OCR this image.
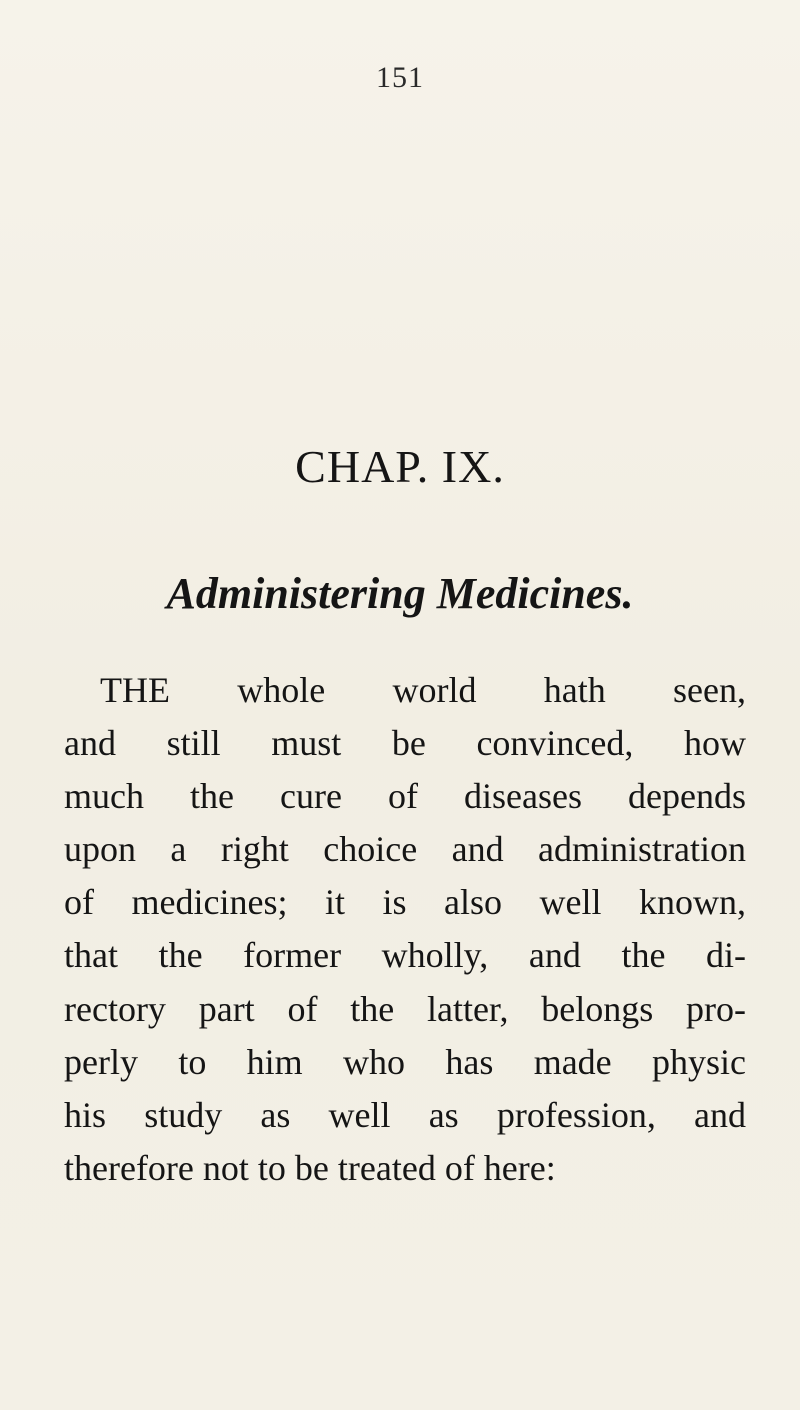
151
CHAP. IX.
Administering Medicines.
THE whole world hath seen,
and still must be convinced, how
much the cure of diseases depends
upon a right choice and administration
of medicines; it is also well known,
that the former wholly, and the di-
rectory part of the latter, belongs pro-
perly to him who has made physic
his study as well as profession, and
therefore not to be treated of here:
